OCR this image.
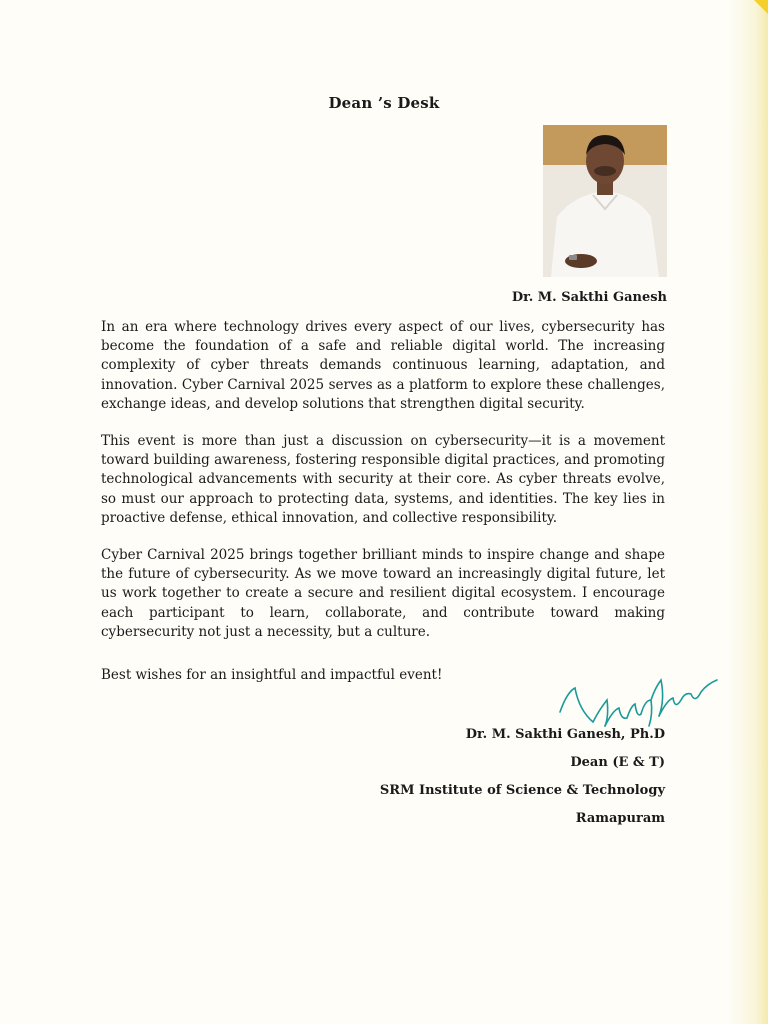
Dean ’s Desk
Dr. M. Sakthi Ganesh

In an era where technology drives every aspect of our lives, cybersecurity has become the foundation of a safe and reliable digital world. The increasing complexity of cyber threats demands continuous learning, adaptation, and innovation. Cyber Carnival 2025 serves as a platform to explore these challenges, exchange ideas, and develop solutions that strengthen digital security.

This event is more than just a discussion on cybersecurity—it is a movement toward building awareness, fostering responsible digital practices, and promoting technological advancements with security at their core. As cyber threats evolve, so must our approach to protecting data, systems, and identities. The key lies in proactive defense, ethical innovation, and collective responsibility.

Cyber Carnival 2025 brings together brilliant minds to inspire change and shape the future of cybersecurity. As we move toward an increasingly digital future, let us work together to create a secure and resilient digital ecosystem. I encourage each participant to learn, collaborate, and contribute toward making cybersecurity not just a necessity, but a culture.

Best wishes for an insightful and impactful event!
Dr. M. Sakthi Ganesh, Ph.D
Dean (E & T)
SRM Institute of Science & Technology
Ramapuram
